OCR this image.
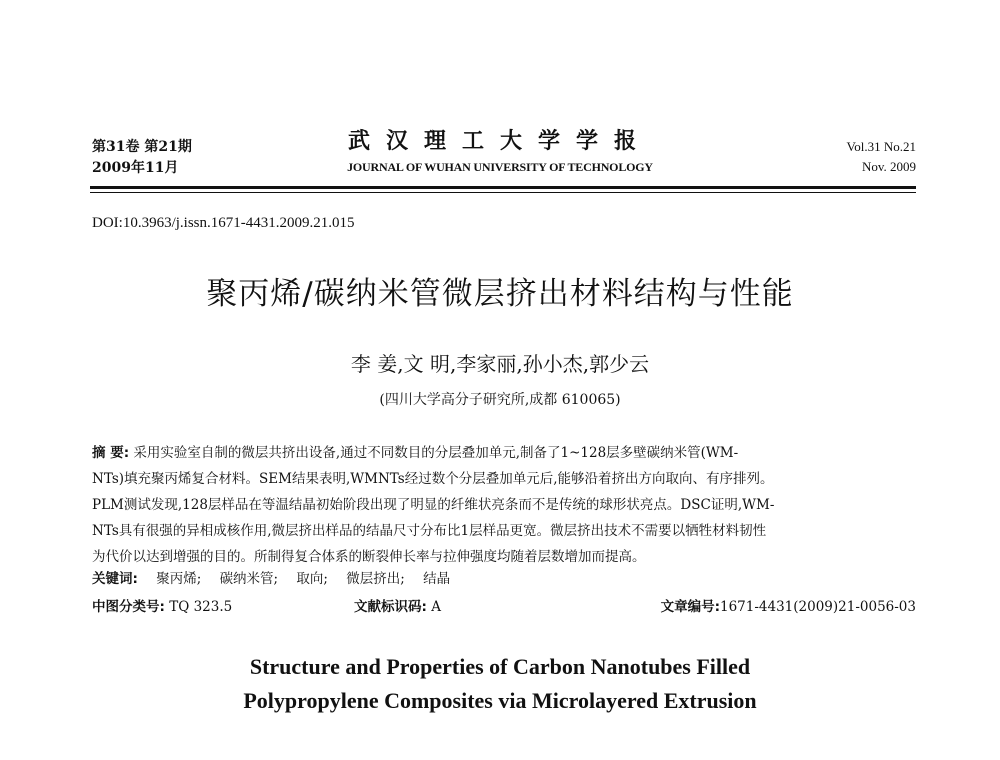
第31卷 第21期
2009年11月
武汉理工大学学报
JOURNAL OF WUHAN UNIVERSITY OF TECHNOLOGY
Vol.31 No.21
Nov. 2009
DOI:10.3963/j.issn.1671-4431.2009.21.015
聚丙烯/碳纳米管微层挤出材料结构与性能
李 姜,文 明,李家丽,孙小杰,郭少云
(四川大学高分子研究所,成都 610065)
摘 要: 采用实验室自制的微层共挤出设备,通过不同数目的分层叠加单元,制备了1~128层多壁碳纳米管(WM-
NTs)填充聚丙烯复合材料。SEM结果表明,WMNTs经过数个分层叠加单元后,能够沿着挤出方向取向、有序排列。
PLM测试发现,128层样品在等温结晶初始阶段出现了明显的纤维状亮条而不是传统的球形状亮点。DSC证明,WM-
NTs具有很强的异相成核作用,微层挤出样品的结晶尺寸分布比1层样品更宽。微层挤出技术不需要以牺牲材料韧性
为代价以达到增强的目的。所制得复合体系的断裂伸长率与拉伸强度均随着层数增加而提高。
关键词: 聚丙烯; 碳纳米管; 取向; 微层挤出; 结晶
中图分类号: TQ 323.5	文献标识码: A	文章编号:1671-4431(2009)21-0056-03
Structure and Properties of Carbon Nanotubes Filled
Polypropylene Composites via Microlayered Extrusion
